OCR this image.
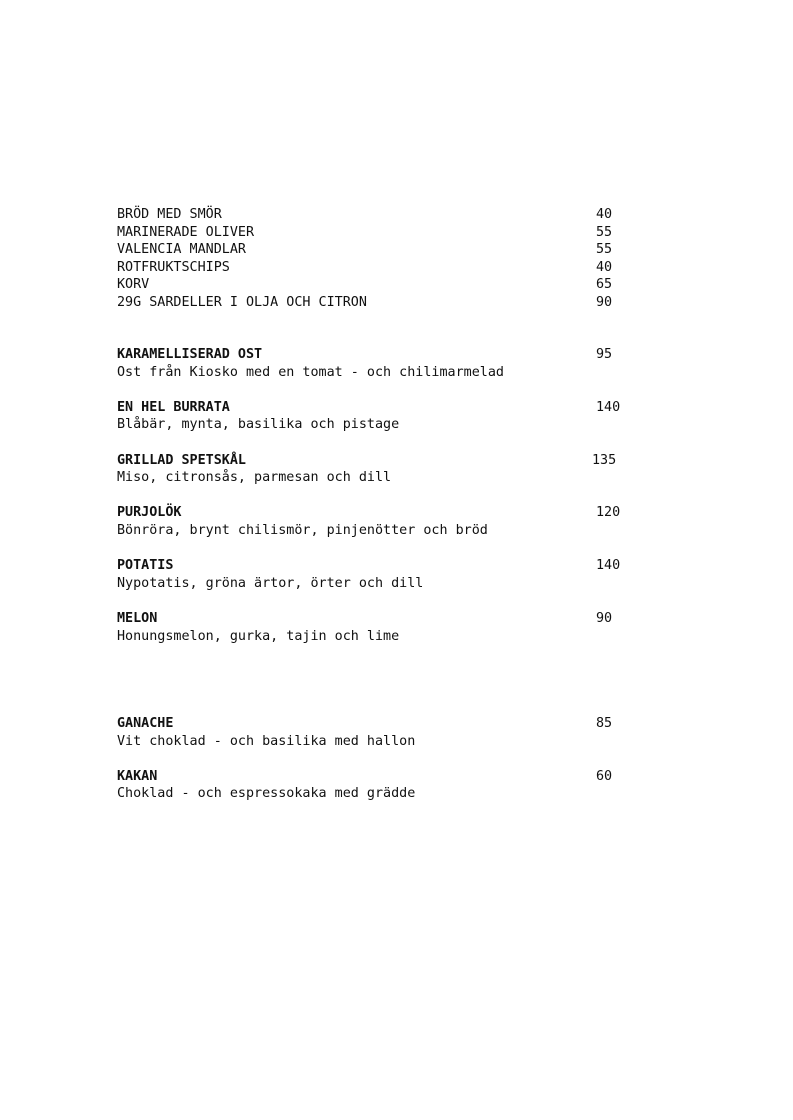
BRÖD MED SMÖR	40
MARINERADE OLIVER	55
VALENCIA MANDLAR	55
ROTFRUKTSCHIPS	40
KORV	65
29G SARDELLER I OLJA OCH CITRON	90
KARAMELLISERAD OST	95
Ost från Kiosko med en tomat - och chilimarmelad
EN HEL BURRATA	140
Blåbär, mynta, basilika och pistage
GRILLAD SPETSKÅL	135
Miso, citronsås, parmesan och dill
PURJOLÖK	120
Bönröra, brynt chilismör, pinjenötter och bröd
POTATIS	140
Nypotatis, gröna ärtor, örter och dill
MELON	90
Honungsmelon, gurka, tajin och lime
GANACHE	85
Vit choklad - och basilika med hallon
KAKAN	60
Choklad - och espressokaka med grädde
